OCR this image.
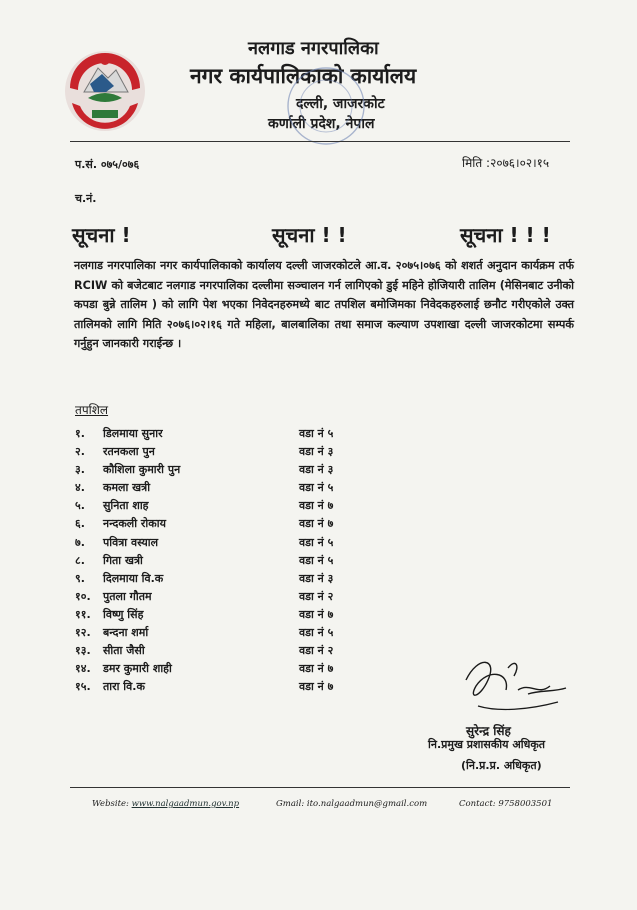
नलगाड नगरपालिका
नगर कार्यपालिकाको कार्यालय
दल्ली, जाजरकोट
कर्णाली प्रदेश, नेपाल
प.सं. ०७५/०७६	मिति :२०७६।०२।१५
च.नं.
सूचना !	सूचना ! !	सूचना ! ! !
नलगाड नगरपालिका नगर कार्यपालिकाको कार्यालय दल्ली जाजरकोटले आ.व. २०७५।०७६ को शशर्त अनुदान कार्यक्रम तर्फ RCIW को बजेटबाट नलगाड नगरपालिका दल्लीमा सञ्चालन गर्न लागिएको डुई महिने होजियारी तालिम (मेसिनबाट उनीको कपडा बुन्ने तालिम ) को लागि पेश भएका निवेदनहरुमध्ये बाट तपशिल बमोजिमका निवेदकहरुलाई छनौट गरीएकोले उक्त तालिमको लागि मिति २०७६।०२।१६ गते महिला, बालबालिका तथा समाज कल्याण उपशाखा दल्ली जाजरकोटमा सम्पर्क गर्नुहुन जानकारी गराईन्छ ।
तपशिल
१. डिलमाया सुनार	वडा नं ५
२. रतनकला पुन	वडा नं ३
३. कौशिला कुमारी पुन	वडा नं ३
४. कमला खत्री	वडा नं ५
५. सुनिता शाह	वडा नं ७
६. नन्दकली रोकाय	वडा नं ७
७. पवित्रा वस्याल	वडा नं ५
८. गिता खत्री	वडा नं ५
९. दिलमाया वि.क	वडा नं ३
१०. पुतला गौतम	वडा नं २
११. विष्णु सिंह	वडा नं ७
१२. बन्दना शर्मा	वडा नं ५
१३. सीता जैसी	वडा नं २
१४. डमर कुमारी शाही	वडा नं ७
१५. तारा वि.क	वडा नं ७
सुरेन्द्र सिंह
नि.प्रमुख प्रशासकीय अधिकृत
(नि.प्र.प्र. अधिकृत)
Website: www.nalgaadmun.gov.np	Gmail: ito.nalgaadmun@gmail.com	Contact: 9758003501
